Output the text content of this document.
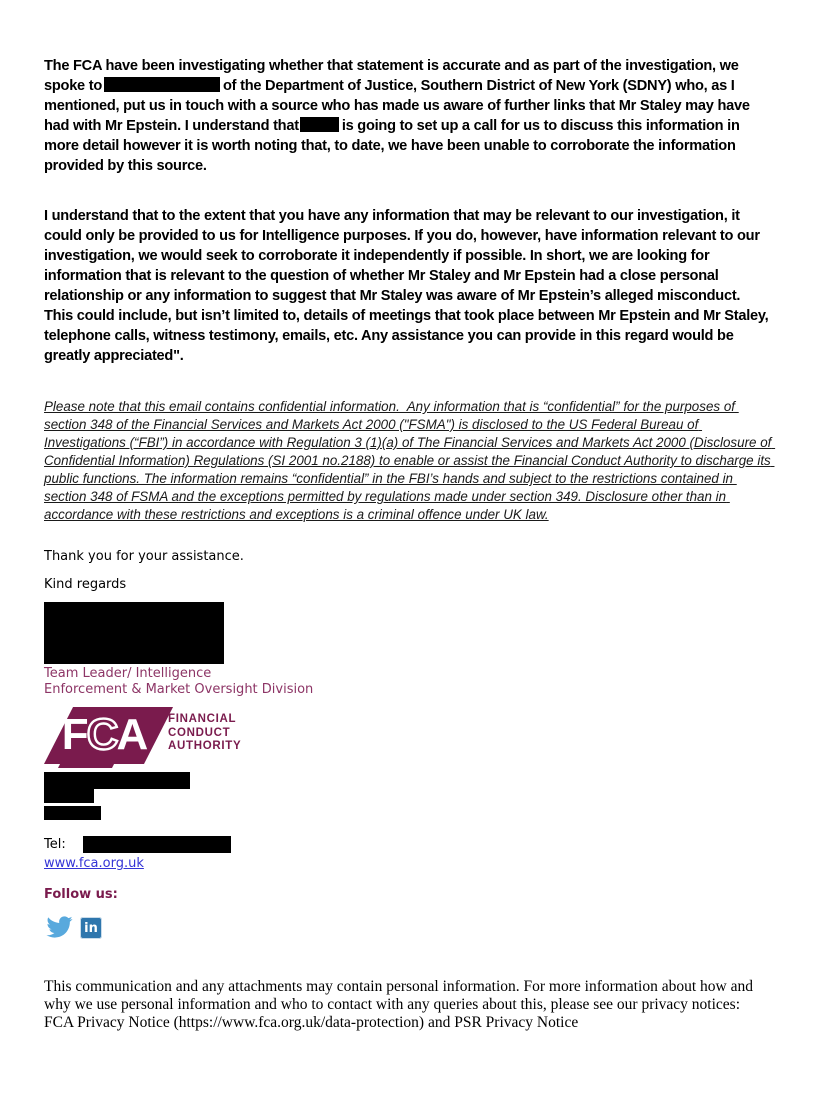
The FCA have been investigating whether that statement is accurate and as part of the investigation, we spoke to	of the Department of Justice, Southern District of New York (SDNY) who, as I mentioned, put us in touch with a source who has made us aware of further links that Mr Staley may have had with Mr Epstein. I understand that	is going to set up a call for us to discuss this information in more detail however it is worth noting that, to date, we have been unable to corroborate the information provided by this source.

I understand that to the extent that you have any information that may be relevant to our investigation, it could only be provided to us for Intelligence purposes. If you do, however, have information relevant to our investigation, we would seek to corroborate it independently if possible. In short, we are looking for information that is relevant to the question of whether Mr Staley and Mr Epstein had a close personal relationship or any information to suggest that Mr Staley was aware of Mr Epstein’s alleged misconduct. This could include, but isn’t limited to, details of meetings that took place between Mr Epstein and Mr Staley, telephone calls, witness testimony, emails, etc. Any assistance you can provide in this regard would be greatly appreciated".

Please note that this email contains confidential information.  Any information that is “confidential” for the purposes of section 348 of the Financial Services and Markets Act 2000 ("FSMA") is disclosed to the US Federal Bureau of Investigations (“FBI”) in accordance with Regulation 3 (1)(a) of The Financial Services and Markets Act 2000 (Disclosure of Confidential Information) Regulations (SI 2001 no.2188) to enable or assist the Financial Conduct Authority to discharge its public functions. The information remains “confidential” in the FBI’s hands and subject to the restrictions contained in section 348 of FSMA and the exceptions permitted by regulations made under section 349. Disclosure other than in accordance with these restrictions and exceptions is a criminal offence under UK law.

Thank you for your assistance.

Kind regards

Team Leader/ Intelligence
Enforcement & Market Oversight Division
FCA	FINANCIAL
CONDUCT
AUTHORITY
Tel:
www.fca.org.uk
Follow us:
in

This communication and any attachments may contain personal information. For more information about how and why we use personal information and who to contact with any queries about this, please see our privacy notices: FCA Privacy Notice (https://www.fca.org.uk/data-protection) and PSR Privacy Notice
